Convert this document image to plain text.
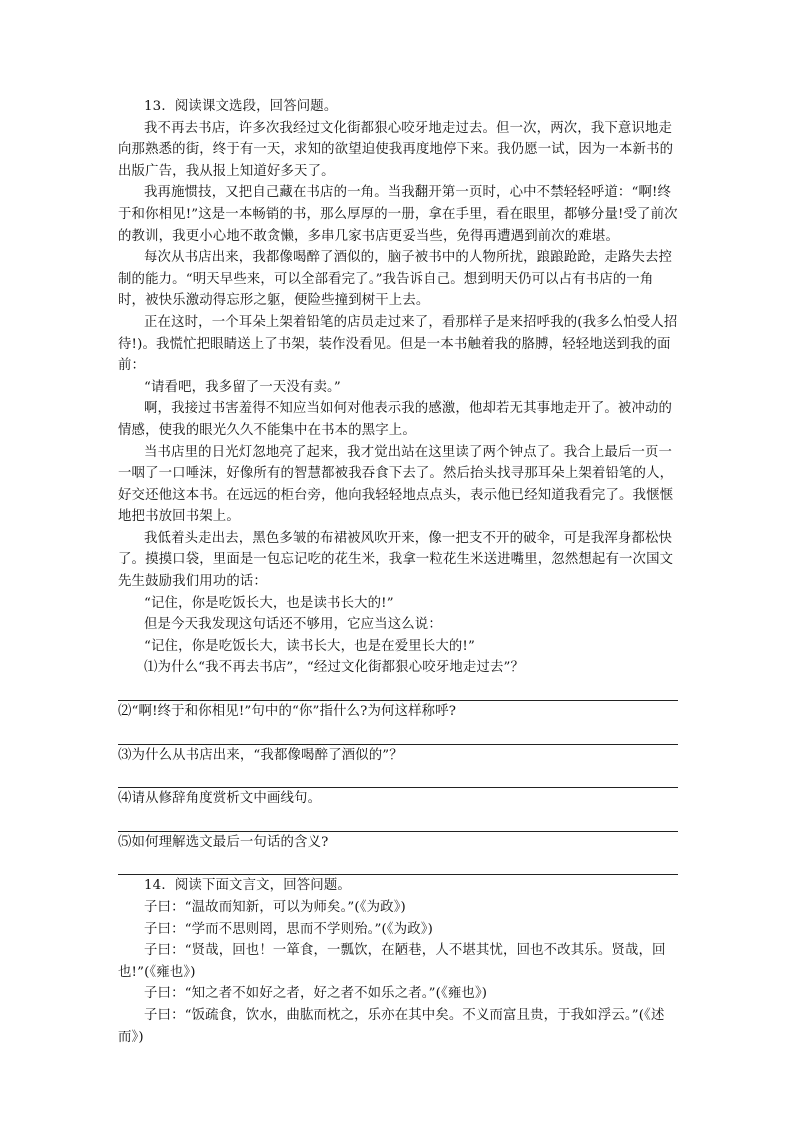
13．阅读课文选段，回答问题。
我不再去书店，许多次我经过文化街都狠心咬牙地走过去。但一次，两次，我下意识地走向那熟悉的街，终于有一天，求知的欲望迫使我再度地停下来。我仍愿一试，因为一本新书的出版广告，我从报上知道好多天了。
我再施惯技，又把自己藏在书店的一角。当我翻开第一页时，心中不禁轻轻呼道：“啊!终于和你相见!”这是一本畅销的书，那么厚厚的一册，拿在手里，看在眼里，都够分量!受了前次的教训，我更小心地不敢贪懒，多串几家书店更妥当些，免得再遭遇到前次的难堪。
每次从书店出来，我都像喝醉了酒似的，脑子被书中的人物所扰，踉踉跄跄，走路失去控制的能力。“明天早些来，可以全部看完了。”我告诉自己。想到明天仍可以占有书店的一角时，被快乐激动得忘形之躯，便险些撞到树干上去。
正在这时，一个耳朵上架着铅笔的店员走过来了，看那样子是来招呼我的(我多么怕受人招待!)。我慌忙把眼睛送上了书架，装作没看见。但是一本书触着我的胳膊，轻轻地送到我的面前：
“请看吧，我多留了一天没有卖。”
啊，我接过书害羞得不知应当如何对他表示我的感激，他却若无其事地走开了。被冲动的情感，使我的眼光久久不能集中在书本的黑字上。
当书店里的日光灯忽地亮了起来，我才觉出站在这里读了两个钟点了。我合上最后一页一一咽了一口唾沫，好像所有的智慧都被我吞食下去了。然后抬头找寻那耳朵上架着铅笔的人，好交还他这本书。在远远的柜台旁，他向我轻轻地点点头，表示他已经知道我看完了。我惬惬地把书放回书架上。
我低着头走出去，黑色多皱的布裙被风吹开来，像一把支不开的破伞，可是我浑身都松快了。摸摸口袋，里面是一包忘记吃的花生米，我拿一粒花生米送进嘴里，忽然想起有一次国文先生鼓励我们用功的话：
“记住，你是吃饭长大，也是读书长大的!”
但是今天我发现这句话还不够用，它应当这么说：
“记住，你是吃饭长大，读书长大，也是在爱里长大的!”
⑴为什么“我不再去书店”，“经过文化街都狠心咬牙地走过去”？
⑵“啊!终于和你相见!”句中的“你”指什么?为何这样称呼?
⑶为什么从书店出来，“我都像喝醉了酒似的”？
⑷请从修辞角度赏析文中画线句。
⑸如何理解选文最后一句话的含义?
14．阅读下面文言文，回答问题。
子曰：“温故而知新，可以为师矣。”(《为政》)
子曰：“学而不思则罔，思而不学则殆。”(《为政》)
子曰：“贤哉，回也！一箪食，一瓢饮，在陋巷，人不堪其忧，回也不改其乐。贤哉，回也!”(《雍也》)
子曰：“知之者不如好之者，好之者不如乐之者。”(《雍也》)
子曰：“饭疏食，饮水，曲肱而枕之，乐亦在其中矣。不义而富且贵，于我如浮云。”(《述而》)
